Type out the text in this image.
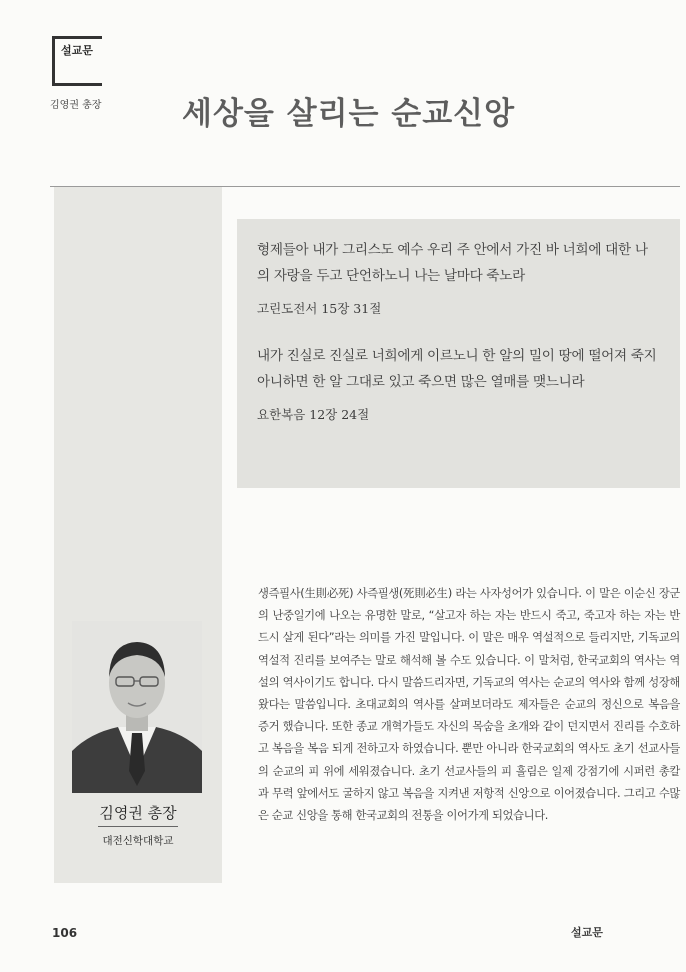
설교문
김영권 총장	세상을 살리는 순교신앙

형제들아 내가 그리스도 예수 우리 주 안에서 가진 바 너희에 대한 나의 자랑을 두고 단언하노니 나는 날마다 죽노라

고린도전서 15장 31절

내가 진실로 진실로 너희에게 이르노니 한 알의 밀이 땅에 떨어져 죽지 아니하면 한 알 그대로 있고 죽으면 많은 열매를 맺느니라

요한복음 12장 24절

김영권 총장
대전신학대학교

생즉필사(生則必死) 사즉필생(死則必生) 라는 사자성어가 있습니다. 이 말은 이순신 장군의 난중일기에 나오는 유명한 말로, “살고자 하는 자는 반드시 죽고, 죽고자 하는 자는 반드시 살게 된다”라는 의미를 가진 말입니다. 이 말은 매우 역설적으로 들리지만, 기독교의 역설적 진리를 보여주는 말로 해석해 볼 수도 있습니다. 이 말처럼, 한국교회의 역사는 역설의 역사이기도 합니다. 다시 말씀드리자면, 기독교의 역사는 순교의 역사와 함께 성장해 왔다는 말씀입니다. 초대교회의 역사를 살펴보더라도 제자들은 순교의 정신으로 복음을 증거 했습니다. 또한 종교 개혁가들도 자신의 목숨을 초개와 같이 던지면서 진리를 수호하고 복음을 복음 되게 전하고자 하였습니다. 뿐만 아니라 한국교회의 역사도 초기 선교사들의 순교의 피 위에 세워졌습니다. 초기 선교사들의 피 흘림은 일제 강점기에 시퍼런 총칼과 무력 앞에서도 굴하지 않고 복음을 지켜낸 저항적 신앙으로 이어졌습니다. 그리고 수많은 순교 신앙을 통해 한국교회의 전통을 이어가게 되었습니다.

106	설교문
